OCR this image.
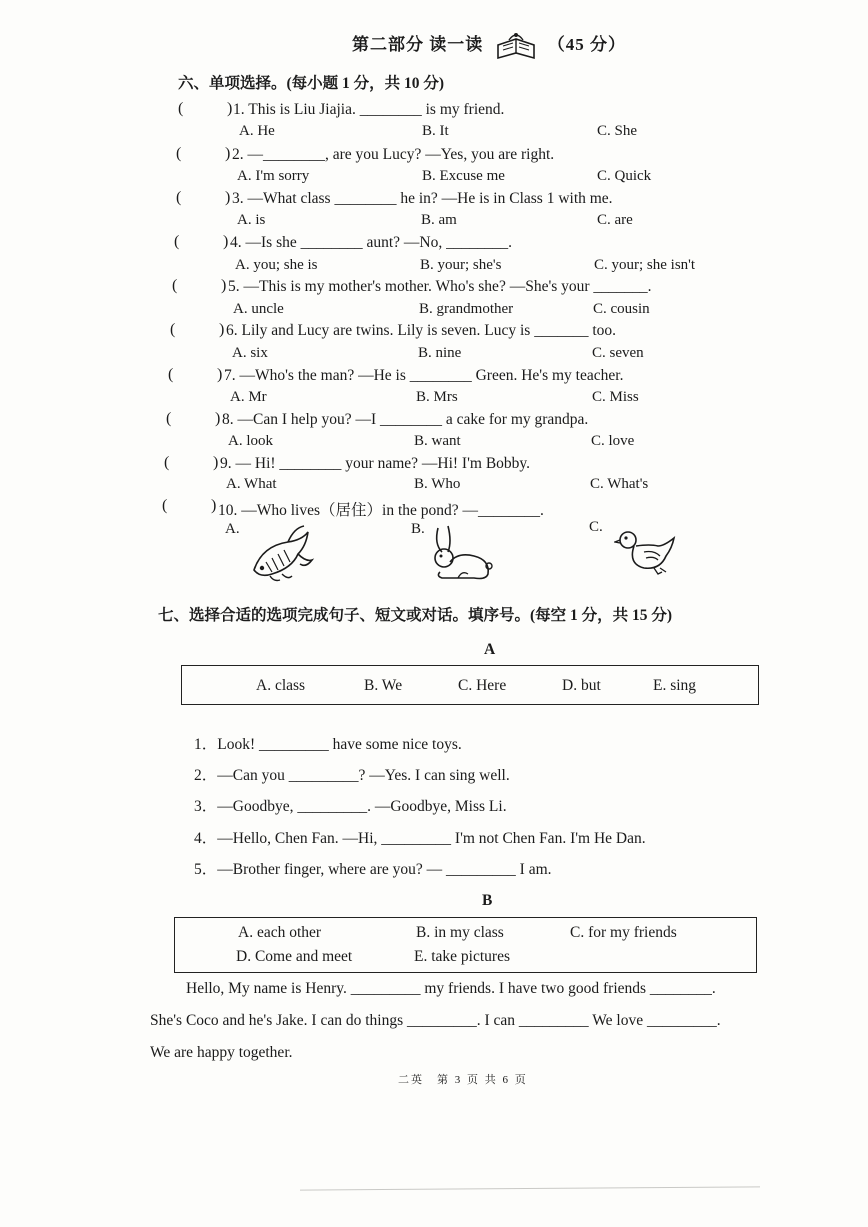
第二部分 读一读	（45 分）
六、单项选择。(每小题 1 分，共 10 分)
(	) 1. This is Liu Jiajia. ________ is my friend.
A. He	B. It	C. She
(	) 2. —________, are you Lucy? —Yes, you are right.
A. I'm sorry	B. Excuse me	C. Quick
(	) 3. —What class ________ he in? —He is in Class 1 with me.
A. is	B. am	C. are
(	) 4. —Is she ________ aunt? —No, ________.
A. you; she is	B. your; she's	C. your; she isn't
(	) 5. —This is my mother's mother. Who's she? —She's your _______.
A. uncle	B. grandmother	C. cousin
(	) 6. Lily and Lucy are twins. Lily is seven. Lucy is _______ too.
A. six	B. nine	C. seven
(	) 7. —Who's the man? —He is ________ Green. He's my teacher.
A. Mr	B. Mrs	C. Miss
(	) 8. —Can I help you? —I ________ a cake for my grandpa.
A. look	B. want	C. love
(	) 9. — Hi! ________ your name? —Hi! I'm Bobby.
A. What	B. Who	C. What's
(	) 10. —Who lives（居住）in the pond? —________.
A.	B.	C.
七、选择合适的选项完成句子、短文或对话。填序号。(每空 1 分，共 15 分)
A
A. class	B. We	C. Here	D. but	E. sing
1．Look! _________ have some nice toys.
2．—Can you _________? —Yes. I can sing well.
3．—Goodbye, _________. —Goodbye, Miss Li.
4．—Hello, Chen Fan. —Hi, _________ I'm not Chen Fan. I'm He Dan.
5．—Brother finger, where are you? — _________ I am.
B
A. each other	B. in my class	C. for my friends
D. Come and meet	E. take pictures
Hello, My name is Henry. _________ my friends. I have two good friends ________.
She's Coco and he's Jake. I can do things _________. I can _________ We love _________.
We are happy together.
二英　第 3 页 共 6 页
